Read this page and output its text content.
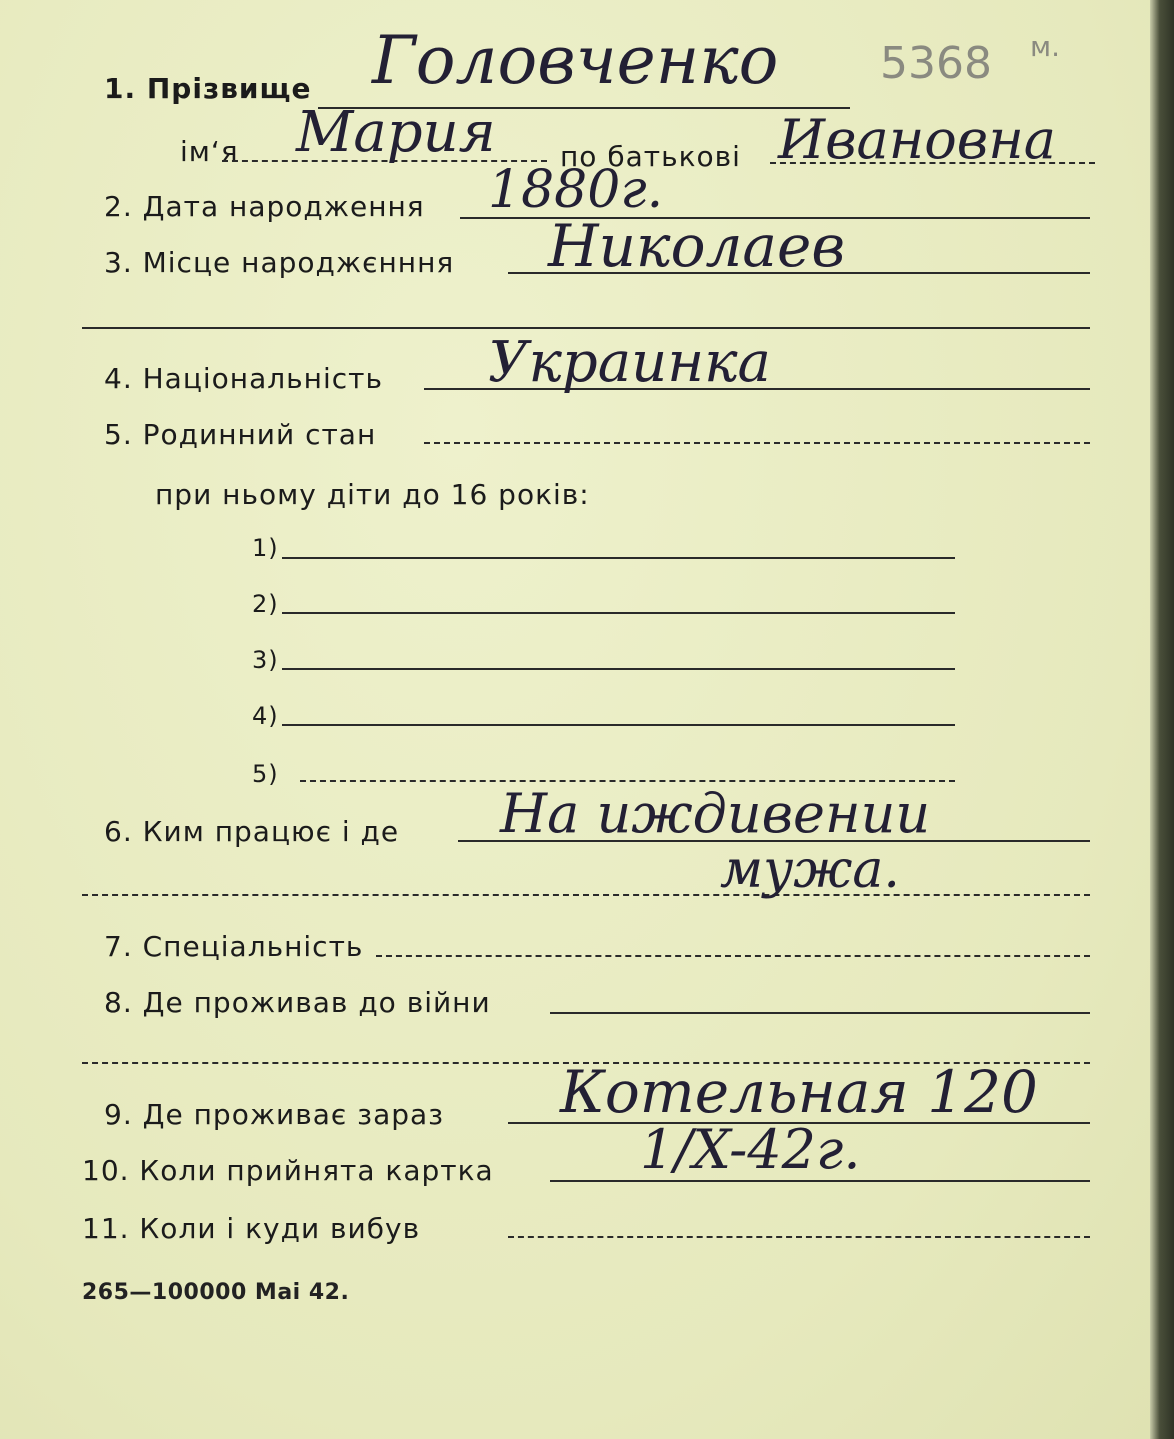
1. Прізвище Головченко 5368 м.
ім‘я Мария по батькові Ивановна
2. Дата народження 1880г.
3. Місце народжєнння Николаев
4. Національність Украинка
5. Родинний стан
при ньому діти до 16 років:
1)
2)
3)
4)
5)
6. Ким працює і де На иждивении
мужа.
7. Спеціальність
8. Де проживав до війни
9. Де проживає зараз Котельная 120
10. Коли прийнята картка	1/X-42г.
11. Коли і куди вибув
265—100000 Mai 42.
